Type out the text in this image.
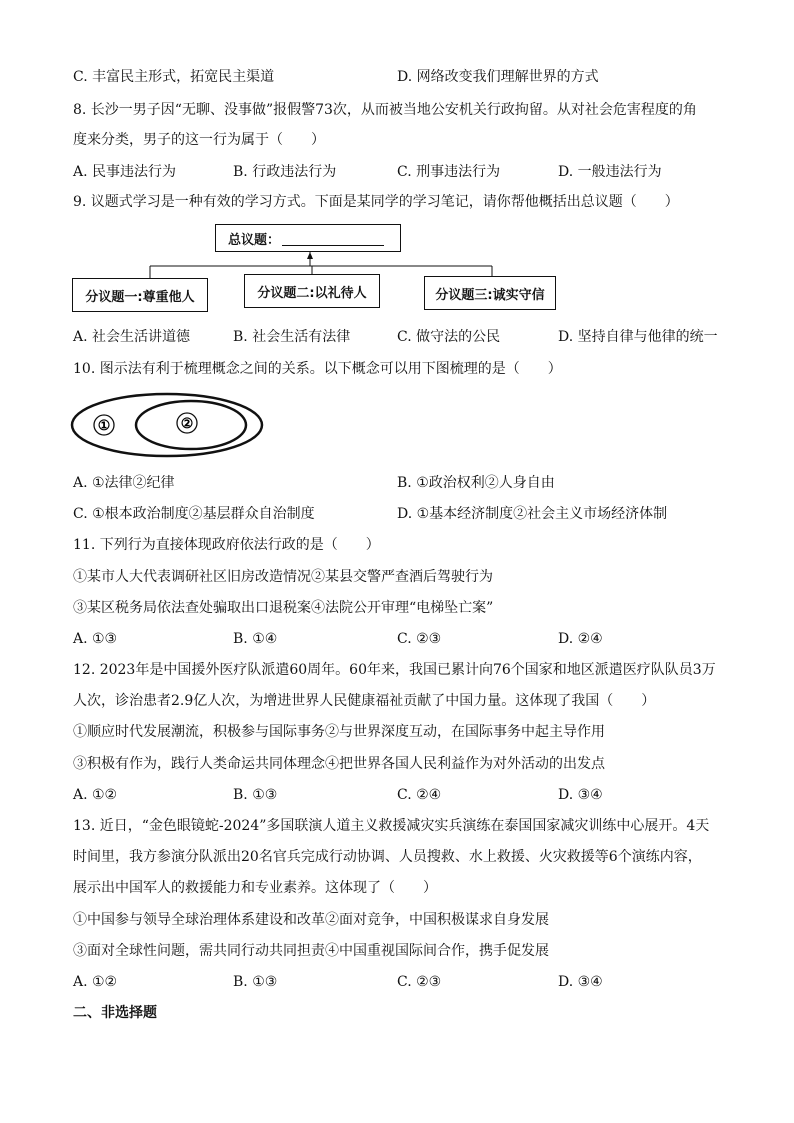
C. 丰富民主形式，拓宽民主渠道	D. 网络改变我们理解世界的方式
8. 长沙一男子因“无聊、没事做”报假警73次，从而被当地公安机关行政拘留。从对社会危害程度的角
度来分类，男子的这一行为属于（　　）
A. 民事违法行为	B. 行政违法行为	C. 刑事违法行为	D. 一般违法行为
9. 议题式学习是一种有效的学习方式。下面是某同学的学习笔记，请你帮他概括出总议题（　　）
总议题：
分议题一:尊重他人	分议题二:以礼待人	分议题三:诚实守信
A. 社会生活讲道德	B. 社会生活有法律	C. 做守法的公民	D. 坚持自律与他律的统一
10. 图示法有利于梳理概念之间的关系。以下概念可以用下图梳理的是（　　）
①	②
A. ①法律②纪律	B. ①政治权利②人身自由
C. ①根本政治制度②基层群众自治制度	D. ①基本经济制度②社会主义市场经济体制
11. 下列行为直接体现政府依法行政的是（　　）
①某市人大代表调研社区旧房改造情况②某县交警严查酒后驾驶行为
③某区税务局依法查处骗取出口退税案④法院公开审理“电梯坠亡案”
A. ①③	B. ①④	C. ②③	D. ②④
12. 2023年是中国援外医疗队派遣60周年。60年来，我国已累计向76个国家和地区派遣医疗队队员3万
人次，诊治患者2.9亿人次，为增进世界人民健康福祉贡献了中国力量。这体现了我国（　　）
①顺应时代发展潮流，积极参与国际事务②与世界深度互动，在国际事务中起主导作用
③积极有作为，践行人类命运共同体理念④把世界各国人民利益作为对外活动的出发点
A. ①②	B. ①③	C. ②④	D. ③④
13. 近日，“金色眼镜蛇-2024”多国联演人道主义救援减灾实兵演练在泰国国家减灾训练中心展开。4天
时间里，我方参演分队派出20名官兵完成行动协调、人员搜救、水上救援、火灾救援等6个演练内容，
展示出中国军人的救援能力和专业素养。这体现了（　　）
①中国参与领导全球治理体系建设和改革②面对竞争，中国积极谋求自身发展
③面对全球性问题，需共同行动共同担责④中国重视国际间合作，携手促发展
A. ①②	B. ①③	C. ②③	D. ③④
二、非选择题
